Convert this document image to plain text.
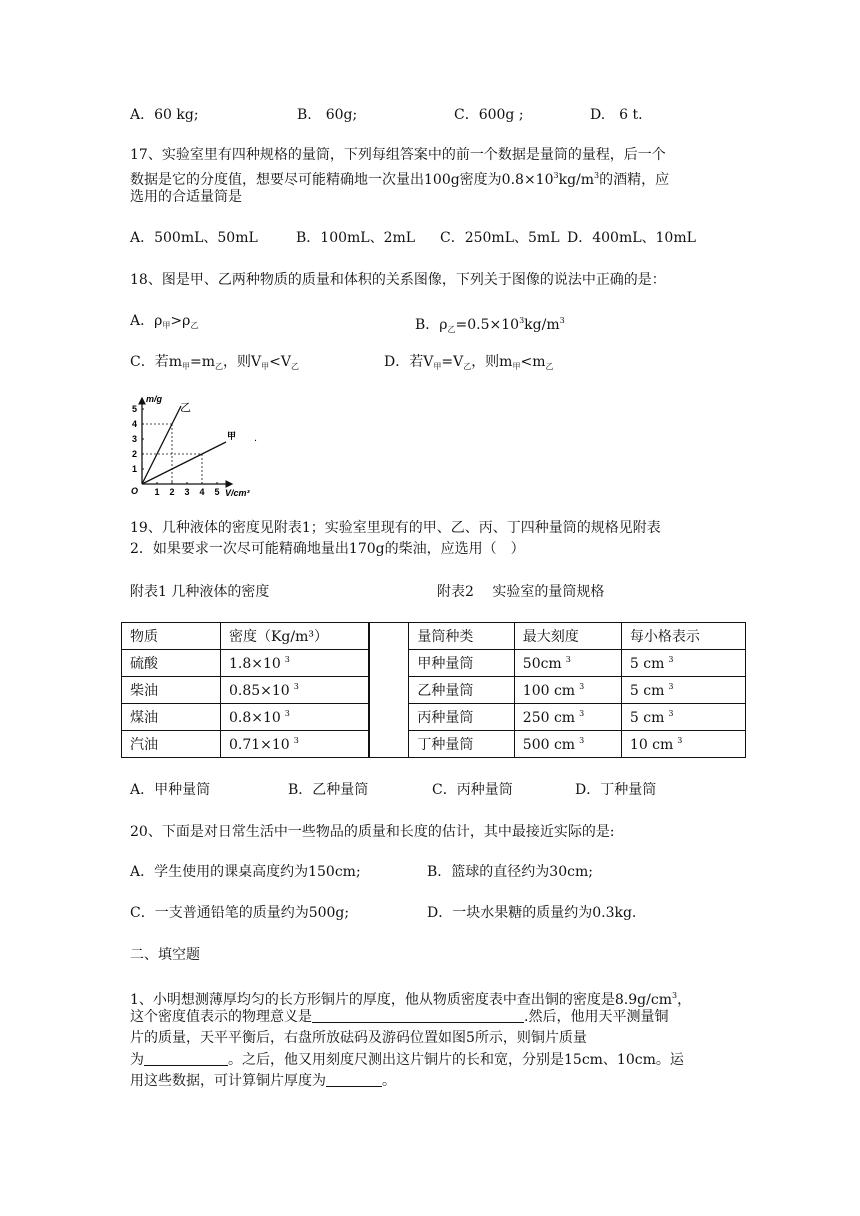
A．60 kg;	B.　60g;	C．600g ;	D.　6 t.
17、实验室里有四种规格的量筒，下列每组答案中的前一个数据是量筒的量程，后一个
数据是它的分度值，想要尽可能精确地一次量出100g密度为$0.8\times 10^3kg/m^3$的酒精，应
选用的合适量筒是
A．500mL、50mL	B．100mL、2mL C．250mL、5mL D．400mL、10mL
18、图是甲、乙两种物质的质量和体积的关系图像，下列关于图像的说法中正确的是：
A．$\rho_甲>\rho_乙$	B．$\rho_乙=0.5\times 10^3kg/m^3$
C．若$m_甲=m_乙$，则$V_甲<V_乙$	D．若$V_甲=V_乙$，则$m_甲<m_乙$
m/g
V/cm³
O 1 2 3 4 5
1
2
3
4
5	乙
甲 .
19、几种液体的密度见附表1；实验室里现有的甲、乙、丙、丁四种量筒的规格见附表
2．如果要求一次尽可能精确地量出170g的柴油，应选用（　）
附表1 几种液体的密度	附表2　 实验室的量筒规格
物质	密度（Kg/m³）
硫酸	1.8×10 $^3$
柴油	0.85×10 $^3$
煤油	0.8×10 $^3$
汽油	0.71×10 $^3$
	量筒种类	最大刻度	每小格表示
	甲种量筒	50cm $^3$	5 cm $^3$
	乙种量筒	100 cm $^3$	5 cm $^3$
	丙种量筒	250 cm $^3$	5 cm $^3$
	丁种量筒	500 cm $^3$	10 cm $^3$
A．甲种量筒	B．乙种量筒	C．丙种量筒	D．丁种量筒
20、下面是对日常生活中一些物品的质量和长度的估计，其中最接近实际的是:
A．学生使用的课桌高度约为150cm;	B．篮球的直径约为30cm;
C．一支普通铅笔的质量约为500g;	D．一块水果糖的质量约为0.3kg.
二、填空题
1、小明想测薄厚均匀的长方形铜片的厚度，他从物质密度表中查出铜的密度是$8.9g/cm^3$，
这个密度值表示的物理意义是	.然后，他用天平测量铜
片的质量，天平平衡后，右盘所放砝码及游码位置如图5所示，则铜片质量
为	。之后，他又用刻度尺测出这片铜片的长和宽，分别是15cm、10cm。运
用这些数据，可计算铜片厚度为	。
